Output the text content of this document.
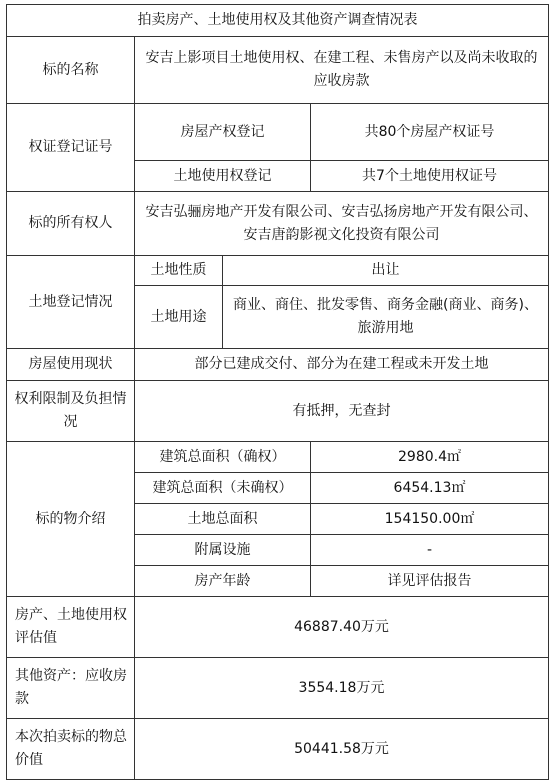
拍卖房产、土地使用权及其他资产调查情况表			
标的名称	安吉上影项目土地使用权、在建工程、未售房产以及尚未收取的应收房款		
权证登记证号	房屋产权登记		共80个房屋产权证号
	土地使用权登记		共7个土地使用权证号
标的所有权人	安吉弘骊房地产开发有限公司、安吉弘扬房地产开发有限公司、安吉唐韵影视文化投资有限公司		
土地登记情况	土地性质	出让	
	土地用途	商业、商住、批发零售、商务金融(商业、商务)、旅游用地	
房屋使用现状	部分已建成交付、部分为在建工程或未开发土地		
权利限制及负担情况	有抵押，无查封		
标的物介绍	建筑总面积（确权）		2980.4㎡
	建筑总面积（未确权）		6454.13㎡
	土地总面积		154150.00㎡
	附属设施		-
	房产年龄		详见评估报告
房产、土地使用权评估值	46887.40万元		
其他资产：应收房款	3554.18万元		
本次拍卖标的物总价值	50441.58万元		
